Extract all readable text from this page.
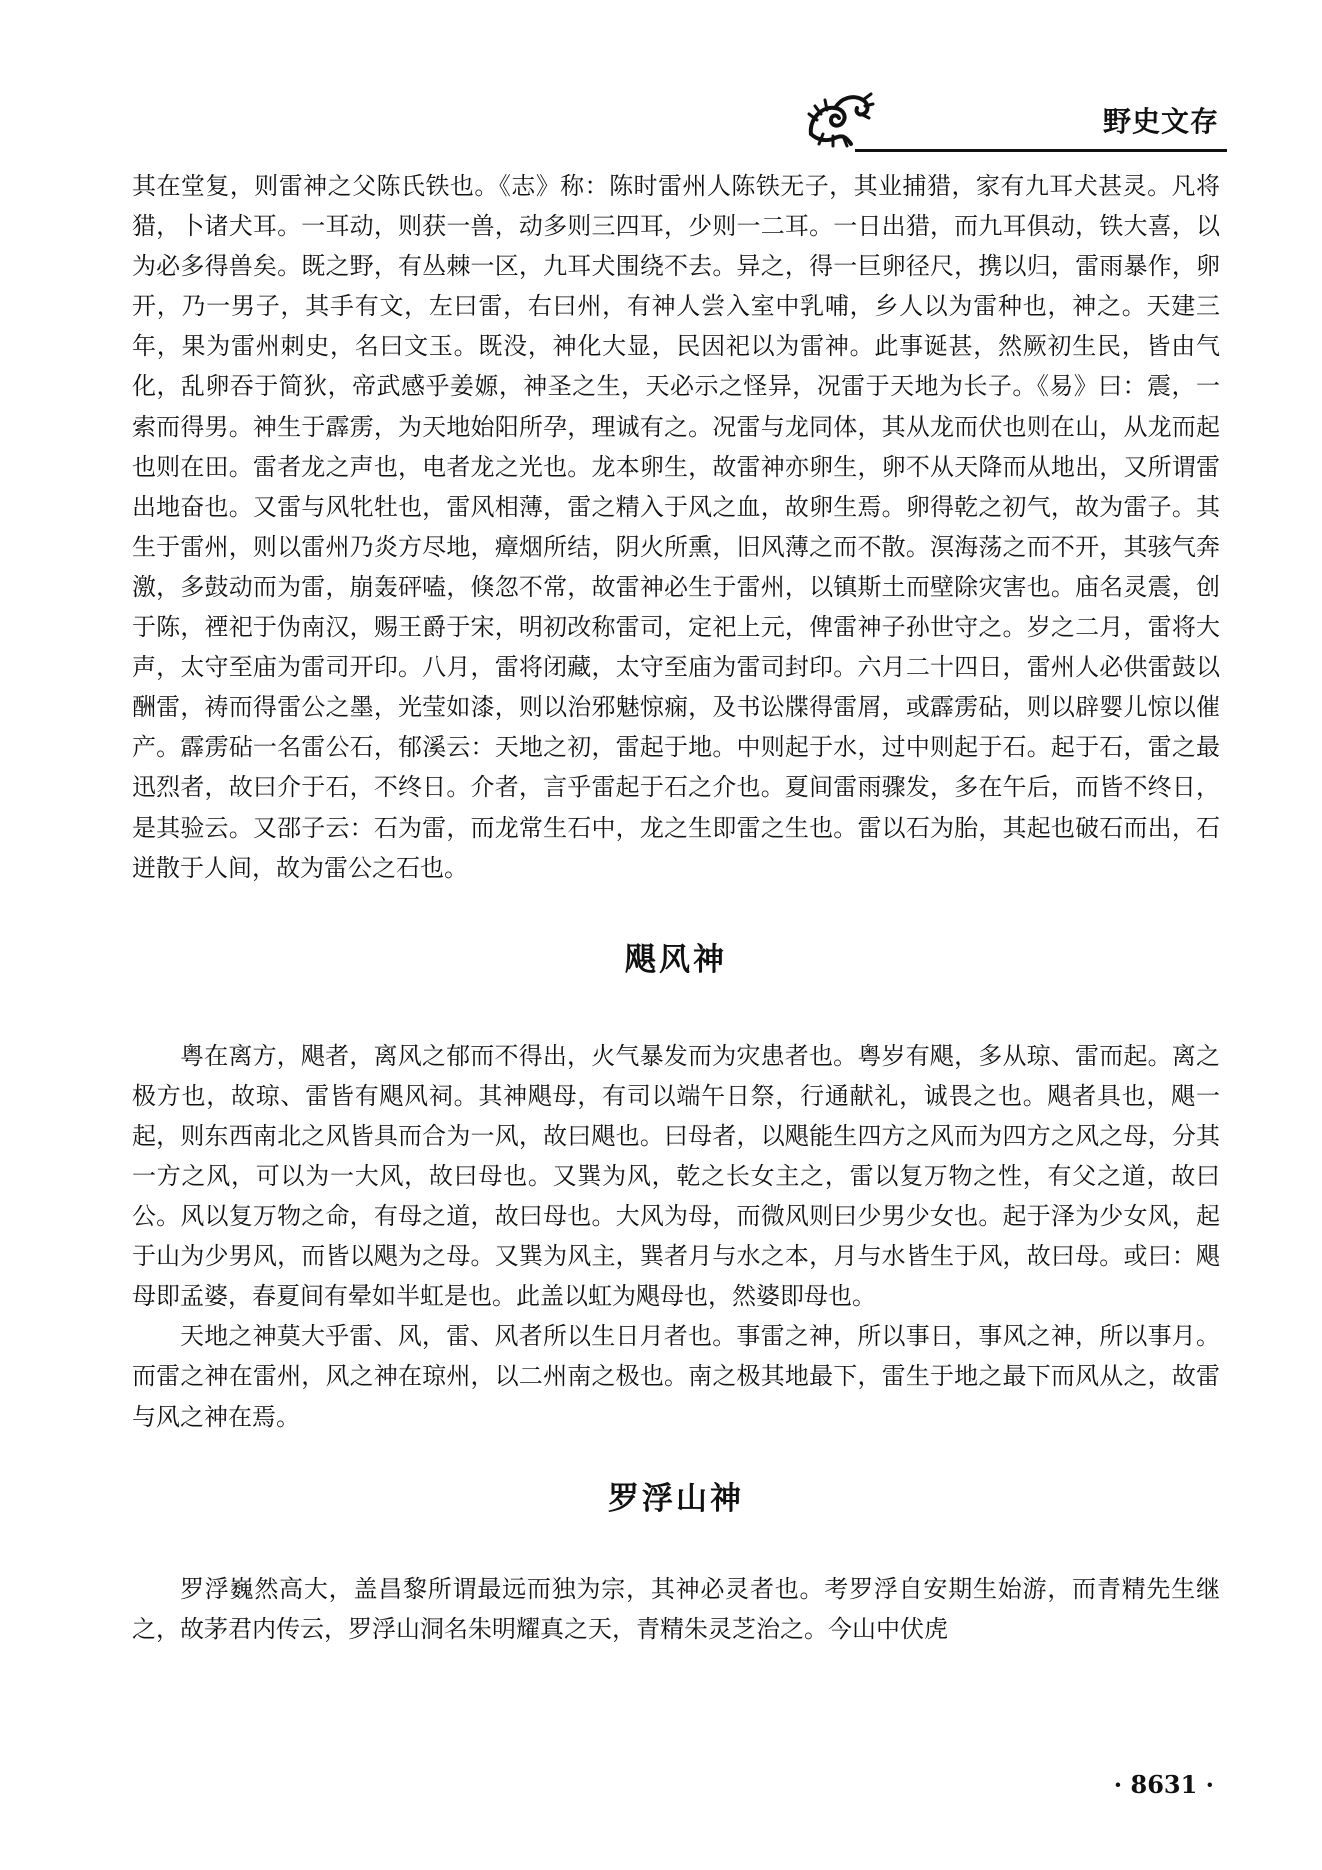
野史文存

其在堂复，则雷神之父陈氏铁也。《志》称：陈时雷州人陈铁无子，其业捕猎，家有九耳犬甚灵。凡将猎，卜诸犬耳。一耳动，则获一兽，动多则三四耳，少则一二耳。一日出猎，而九耳俱动，铁大喜，以为必多得兽矣。既之野，有丛棘一区，九耳犬围绕不去。异之，得一巨卵径尺，携以归，雷雨暴作，卵开，乃一男子，其手有文，左曰雷，右曰州，有神人尝入室中乳哺，乡人以为雷种也，神之。天建三年，果为雷州刺史，名曰文玉。既没，神化大显，民因祀以为雷神。此事诞甚，然厥初生民，皆由气化，乱卵吞于简狄，帝武感乎姜嫄，神圣之生，天必示之怪异，况雷于天地为长子。《易》曰：震，一索而得男。神生于霹雳，为天地始阳所孕，理诚有之。况雷与龙同体，其从龙而伏也则在山，从龙而起也则在田。雷者龙之声也，电者龙之光也。龙本卵生，故雷神亦卵生，卵不从天降而从地出，又所谓雷出地奋也。又雷与风牝牡也，雷风相薄，雷之精入于风之血，故卵生焉。卵得乾之初气，故为雷子。其生于雷州，则以雷州乃炎方尽地，瘴烟所结，阴火所熏，旧风薄之而不散。溟海荡之而不开，其骇气奔激，多鼓动而为雷，崩轰砰嗑，倏忽不常，故雷神必生于雷州，以镇斯土而壁除灾害也。庙名灵震，创于陈，禋祀于伪南汉，赐王爵于宋，明初改称雷司，定祀上元，俾雷神子孙世守之。岁之二月，雷将大声，太守至庙为雷司开印。八月，雷将闭藏，太守至庙为雷司封印。六月二十四日，雷州人必供雷鼓以酬雷，祷而得雷公之墨，光莹如漆，则以治邪魅惊痫，及书讼牒得雷屑，或霹雳砧，则以辟婴儿惊以催产。霹雳砧一名雷公石，郁溪云：天地之初，雷起于地。中则起于水，过中则起于石。起于石，雷之最迅烈者，故曰介于石，不终日。介者，言乎雷起于石之介也。夏间雷雨骤发，多在午后，而皆不终日，是其验云。又邵子云：石为雷，而龙常生石中，龙之生即雷之生也。雷以石为胎，其起也破石而出，石迸散于人间，故为雷公之石也。

飓风神

粤在离方，飓者，离风之郁而不得出，火气暴发而为灾患者也。粤岁有飓，多从琼、雷而起。离之极方也，故琼、雷皆有飓风祠。其神飓母，有司以端午日祭，行通献礼，诚畏之也。飓者具也，飓一起，则东西南北之风皆具而合为一风，故曰飓也。曰母者，以飓能生四方之风而为四方之风之母，分其一方之风，可以为一大风，故曰母也。又巽为风，乾之长女主之，雷以复万物之性，有父之道，故曰公。风以复万物之命，有母之道，故曰母也。大风为母，而微风则曰少男少女也。起于泽为少女风，起于山为少男风，而皆以飓为之母。又巽为风主，巽者月与水之本，月与水皆生于风，故曰母。或曰：飓母即孟婆，春夏间有晕如半虹是也。此盖以虹为飓母也，然婆即母也。

天地之神莫大乎雷、风，雷、风者所以生日月者也。事雷之神，所以事日，事风之神，所以事月。而雷之神在雷州，风之神在琼州，以二州南之极也。南之极其地最下，雷生于地之最下而风从之，故雷与风之神在焉。

罗浮山神

罗浮巍然高大，盖昌黎所谓最远而独为宗，其神必灵者也。考罗浮自安期生始游，而青精先生继之，故茅君内传云，罗浮山洞名朱明耀真之天，青精朱灵芝治之。今山中伏虎

· 8631 ·
